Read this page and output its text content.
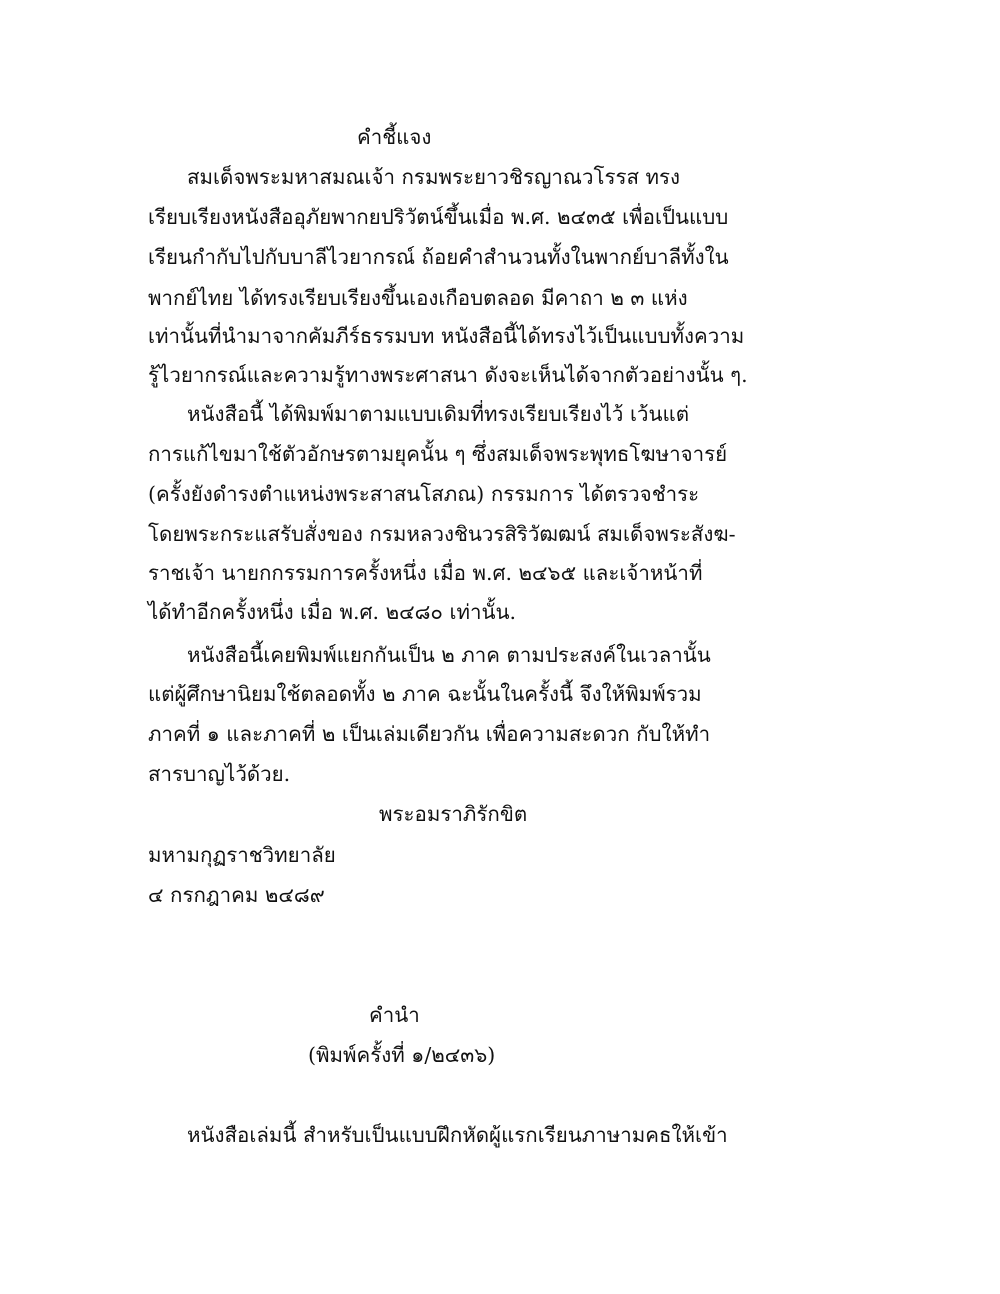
คำชี้แจง
สมเด็จพระมหาสมณเจ้า กรมพระยาวชิรญาณวโรรส ทรง
เรียบเรียงหนังสืออุภัยพากยปริวัตน์ขึ้นเมื่อ พ.ศ. ๒๔๓๕ เพื่อเป็นแบบ
เรียนกำกับไปกับบาลีไวยากรณ์ ถ้อยคำสำนวนทั้งในพากย์บาลีทั้งใน
พากย์ไทย ได้ทรงเรียบเรียงขึ้นเองเกือบตลอด มีคาถา ๒ ๓ แห่ง
เท่านั้นที่นำมาจากคัมภีร์ธรรมบท หนังสือนี้ได้ทรงไว้เป็นแบบทั้งความ
รู้ไวยากรณ์และความรู้ทางพระศาสนา ดังจะเห็นได้จากตัวอย่างนั้น ๆ.
หนังสือนี้ ได้พิมพ์มาตามแบบเดิมที่ทรงเรียบเรียงไว้ เว้นแต่
การแก้ไขมาใช้ตัวอักษรตามยุคนั้น ๆ ซึ่งสมเด็จพระพุทธโฆษาจารย์
(ครั้งยังดำรงตำแหน่งพระสาสนโสภณ) กรรมการ ได้ตรวจชำระ
โดยพระกระแสรับสั่งของ กรมหลวงชินวรสิริวัฒฒน์ สมเด็จพระสังฆ-
ราชเจ้า นายกกรรมการครั้งหนึ่ง เมื่อ พ.ศ. ๒๔๖๕ และเจ้าหน้าที่
ได้ทำอีกครั้งหนึ่ง เมื่อ พ.ศ. ๒๔๘๐ เท่านั้น.
หนังสือนี้เคยพิมพ์แยกกันเป็น ๒ ภาค ตามประสงค์ในเวลานั้น
แต่ผู้ศึกษานิยมใช้ตลอดทั้ง ๒ ภาค ฉะนั้นในครั้งนี้ จึงให้พิมพ์รวม
ภาคที่ ๑ และภาคที่ ๒ เป็นเล่มเดียวกัน เพื่อความสะดวก กับให้ทำ
สารบาญไว้ด้วย.
พระอมราภิรักขิต
มหามกุฏราชวิทยาลัย
๔ กรกฎาคม ๒๔๘๙
คำนำ
(พิมพ์ครั้งที่ ๑/๒๔๓๖)
หนังสือเล่มนี้ สำหรับเป็นแบบฝึกหัดผู้แรกเรียนภาษามคธให้เข้า
